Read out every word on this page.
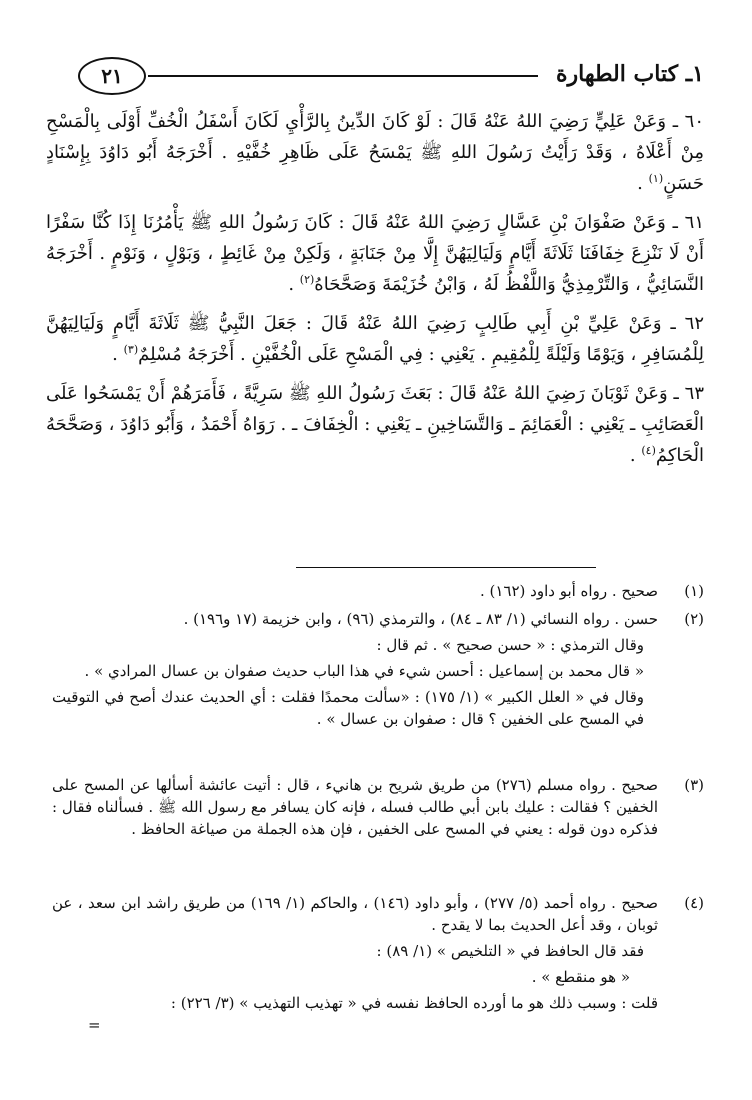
١ـ كتاب الطهارة
٢١

٦٠ ـ وَعَنْ عَلِيٍّ رَضِيَ اللهُ عَنْهُ قَالَ : لَوْ كَانَ الدِّينُ بِالرَّأْيِ لَكَانَ أَسْفَلُ الْخُفِّ أَوْلَى بِالْمَسْحِ مِنْ أَعْلَاهُ ، وَقَدْ رَأَيْتُ رَسُولَ اللهِ ﷺ يَمْسَحُ عَلَى ظَاهِرِ خُفَّيْهِ . أَخْرَجَهُ أَبُو دَاوُدَ بِإِسْنَادٍ حَسَنٍ$^{(١)}$ .

٦١ ـ وَعَنْ صَفْوَانَ بْنِ عَسَّالٍ رَضِيَ اللهُ عَنْهُ قَالَ : كَانَ رَسُولُ اللهِ ﷺ يَأْمُرُنَا إِذَا كُنَّا سَفْرًا أَنْ لَا نَنْزِعَ خِفَافَنَا ثَلَاثَةَ أَيَّامٍ وَلَيَالِيَهُنَّ إِلَّا مِنْ جَنَابَةٍ ، وَلَكِنْ مِنْ غَائِطٍ ، وَبَوْلٍ ، وَنَوْمٍ . أَخْرَجَهُ النَّسَائِيُّ ، وَالتِّرْمِذِيُّ وَاللَّفْظُ لَهُ ، وَابْنُ خُزَيْمَةَ وَصَحَّحَاهُ$^{(٢)}$ .

٦٢ ـ وَعَنْ عَلِيِّ بْنِ أَبِي طَالِبٍ رَضِيَ اللهُ عَنْهُ قَالَ : جَعَلَ النَّبِيُّ ﷺ ثَلَاثَةَ أَيَّامٍ وَلَيَالِيَهُنَّ لِلْمُسَافِرِ ، وَيَوْمًا وَلَيْلَةً لِلْمُقِيمِ . يَعْنِي : فِي الْمَسْحِ عَلَى الْخُفَّيْنِ . أَخْرَجَهُ مُسْلِمٌ$^{(٣)}$ .

٦٣ ـ وَعَنْ ثَوْبَانَ رَضِيَ اللهُ عَنْهُ قَالَ : بَعَثَ رَسُولُ اللهِ ﷺ سَرِيَّةً ، فَأَمَرَهُمْ أَنْ يَمْسَحُوا عَلَى الْعَصَائِبِ ـ يَعْنِي : الْعَمَائِمَ ـ وَالتَّسَاخِينِ ـ يَعْنِي : الْخِفَافَ ـ . رَوَاهُ أَحْمَدُ ، وَأَبُو دَاوُدَ ، وَصَحَّحَهُ الْحَاكِمُ$^{(٤)}$ .

(١)

صحيح . رواه أبو داود (١٦٢) .

(٢)

حسن . رواه النسائي (١/ ٨٣ ـ ٨٤) ، والترمذي (٩٦) ، وابن خزيمة (١٧ و١٩٦) .

وقال الترمذي : « حسن صحيح » . ثم قال :

« قال محمد بن إسماعيل : أحسن شيء في هذا الباب حديث صفوان بن عسال المرادي » .

وقال في « العلل الكبير » (١/ ١٧٥) : «سألت محمدًا فقلت : أي الحديث عندك أصح في التوقيت في المسح على الخفين ؟ قال : صفوان بن عسال » .

(٣)

صحيح . رواه مسلم (٢٧٦) من طريق شريح بن هانيء ، قال : أتيت عائشة أسألها عن المسح على الخفين ؟ فقالت : عليك بابن أبي طالب فسله ، فإنه كان يسافر مع رسول الله ﷺ . فسألناه فقال : فذكره دون قوله : يعني في المسح على الخفين ، فإن هذه الجملة من صياغة الحافظ .

(٤)

صحيح . رواه أحمد (٥/ ٢٧٧) ، وأبو داود (١٤٦) ، والحاكم (١/ ١٦٩) من طريق راشد ابن سعد ، عن ثوبان ، وقد أعل الحديث بما لا يقدح .

فقد قال الحافظ في « التلخيص » (١/ ٨٩) :

« هو منقطع » .

قلت : وسبب ذلك هو ما أورده الحافظ نفسه في « تهذيب التهذيب » (٣/ ٢٢٦) :

=
